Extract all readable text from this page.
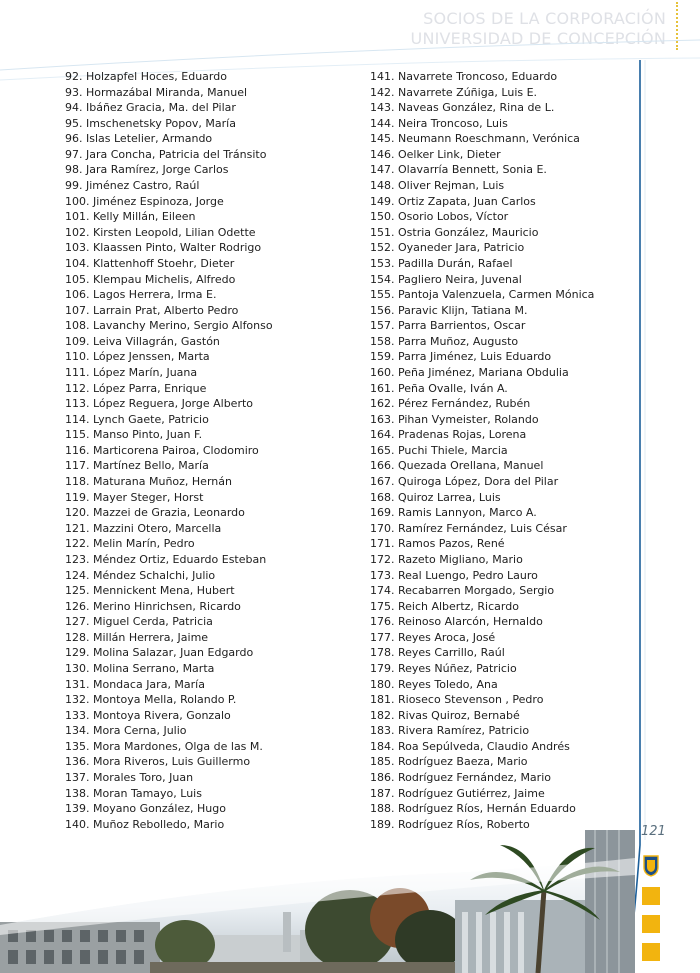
SOCIOS DE LA CORPORACIÓN
UNIVERSIDAD DE CONCEPCIÓN
92. Holzapfel Hoces, Eduardo
93. Hormazábal Miranda, Manuel
94. Ibáñez Gracia, Ma. del Pilar
95. Imschenetsky Popov, María
96. Islas Letelier, Armando
97. Jara Concha, Patricia del Tránsito
98. Jara Ramírez, Jorge Carlos
99. Jiménez Castro, Raúl
100. Jiménez Espinoza, Jorge
101. Kelly Millán, Eileen
102. Kirsten Leopold, Lilian Odette
103. Klaassen Pinto, Walter Rodrigo
104. Klattenhoff Stoehr, Dieter
105. Klempau Michelis, Alfredo
106. Lagos Herrera, Irma E.
107. Larrain Prat, Alberto Pedro
108. Lavanchy Merino, Sergio Alfonso
109. Leiva Villagrán, Gastón
110. López Jenssen, Marta
111. López Marín, Juana
112. López Parra, Enrique
113. López Reguera, Jorge Alberto
114. Lynch Gaete, Patricio
115. Manso Pinto, Juan F.
116. Marticorena Pairoa, Clodomiro
117. Martínez Bello, María
118. Maturana Muñoz, Hernán
119. Mayer Steger, Horst
120. Mazzei de Grazia, Leonardo
121. Mazzini Otero, Marcella
122. Melin Marín, Pedro
123. Méndez Ortiz, Eduardo Esteban
124. Méndez Schalchi, Julio
125. Mennickent Mena, Hubert
126. Merino Hinrichsen, Ricardo
127. Miguel Cerda, Patricia
128. Millán Herrera, Jaime
129. Molina Salazar, Juan Edgardo
130. Molina Serrano, Marta
131. Mondaca Jara, María
132. Montoya Mella, Rolando P.
133. Montoya Rivera, Gonzalo
134. Mora Cerna, Julio
135. Mora Mardones, Olga de las M.
136. Mora Riveros, Luis Guillermo
137. Morales Toro, Juan
138. Moran Tamayo, Luis
139. Moyano González, Hugo
140. Muñoz Rebolledo, Mario
141. Navarrete Troncoso, Eduardo
142. Navarrete Zúñiga, Luis E.
143. Naveas González, Rina de L.
144. Neira Troncoso, Luis
145. Neumann Roeschmann, Verónica
146. Oelker Link, Dieter
147. Olavarría Bennett, Sonia E.
148. Oliver Rejman, Luis
149. Ortiz Zapata, Juan Carlos
150. Osorio Lobos, Víctor
151. Ostria González, Mauricio
152. Oyaneder Jara, Patricio
153. Padilla Durán, Rafael
154. Pagliero Neira, Juvenal
155. Pantoja Valenzuela, Carmen Mónica
156. Paravic Klijn, Tatiana M.
157. Parra Barrientos, Oscar
158. Parra Muñoz, Augusto
159. Parra Jiménez, Luis Eduardo
160. Peña Jiménez, Mariana Obdulia
161. Peña Ovalle, Iván A.
162. Pérez Fernández, Rubén
163. Pihan Vymeister, Rolando
164. Pradenas Rojas, Lorena
165. Puchi Thiele, Marcia
166. Quezada Orellana, Manuel
167. Quiroga López, Dora del Pilar
168. Quiroz Larrea, Luis
169. Ramis Lannyon, Marco A.
170. Ramírez Fernández, Luis César
171. Ramos Pazos, René
172. Razeto Migliano, Mario
173. Real Luengo, Pedro Lauro
174. Recabarren Morgado, Sergio
175. Reich Albertz, Ricardo
176. Reinoso Alarcón, Hernaldo
177. Reyes Aroca, José
178. Reyes Carrillo, Raúl
179. Reyes Núñez, Patricio
180. Reyes Toledo, Ana
181. Rioseco Stevenson , Pedro
182. Rivas Quiroz, Bernabé
183. Rivera Ramírez, Patricio
184. Roa Sepúlveda, Claudio Andrés
185. Rodríguez Baeza, Mario
186. Rodríguez Fernández, Mario
187. Rodríguez Gutiérrez, Jaime
188. Rodríguez Ríos, Hernán Eduardo
189. Rodríguez Ríos, Roberto	121
